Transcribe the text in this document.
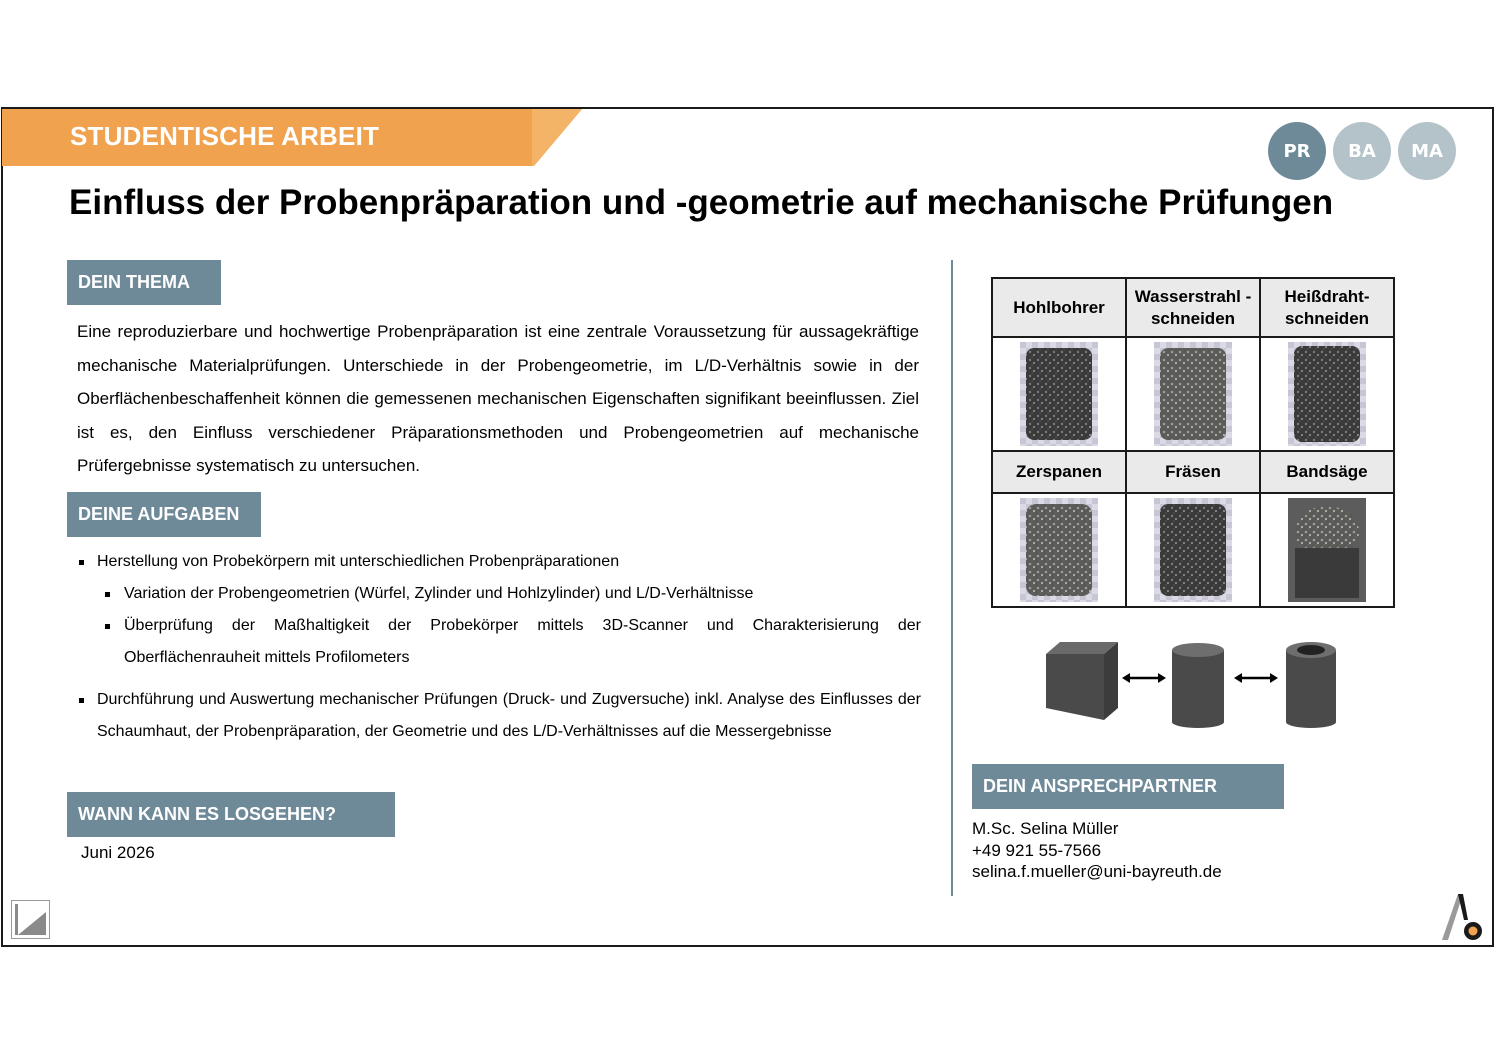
STUDENTISCHE ARBEIT	PR	BA	MA
Einfluss der Probenpräparation und -geometrie auf mechanische Prüfungen
DEIN THEMA
Eine reproduzierbare und hochwertige Probenpräparation ist eine zentrale Voraussetzung für aussagekräftige mechanische Materialprüfungen. Unterschiede in der Probengeometrie, im L/D-Verhältnis sowie in der Oberflächenbeschaffenheit können die gemessenen mechanischen Eigenschaften signifikant beeinflussen. Ziel ist es, den Einfluss verschiedener Präparationsmethoden und Probengeometrien auf mechanische Prüfergebnisse systematisch zu untersuchen.
DEINE AUFGABEN
Herstellung von Probekörpern mit unterschiedlichen Probenpräparationen
Variation der Probengeometrien (Würfel, Zylinder und Hohlzylinder) und L/D-Verhältnisse
Überprüfung der Maßhaltigkeit der Probekörper mittels 3D-Scanner und Charakterisierung der Oberflächenrauheit mittels Profilometers
Durchführung und Auswertung mechanischer Prüfungen (Druck- und Zugversuche) inkl. Analyse des Einflusses der Schaumhaut, der Probenpräparation, der Geometrie und des L/D-Verhältnisses auf die Messergebnisse
WANN KANN ES LOSGEHEN?
Juni 2026
Hohlbohrer	Wasserstrahl -schneiden	Heißdraht- schneiden

Zerspanen	Fräsen	Bandsäge

DEIN ANSPRECHPARTNER
M.Sc. Selina Müller
+49 921 55-7566
selina.f.mueller@uni-bayreuth.de
